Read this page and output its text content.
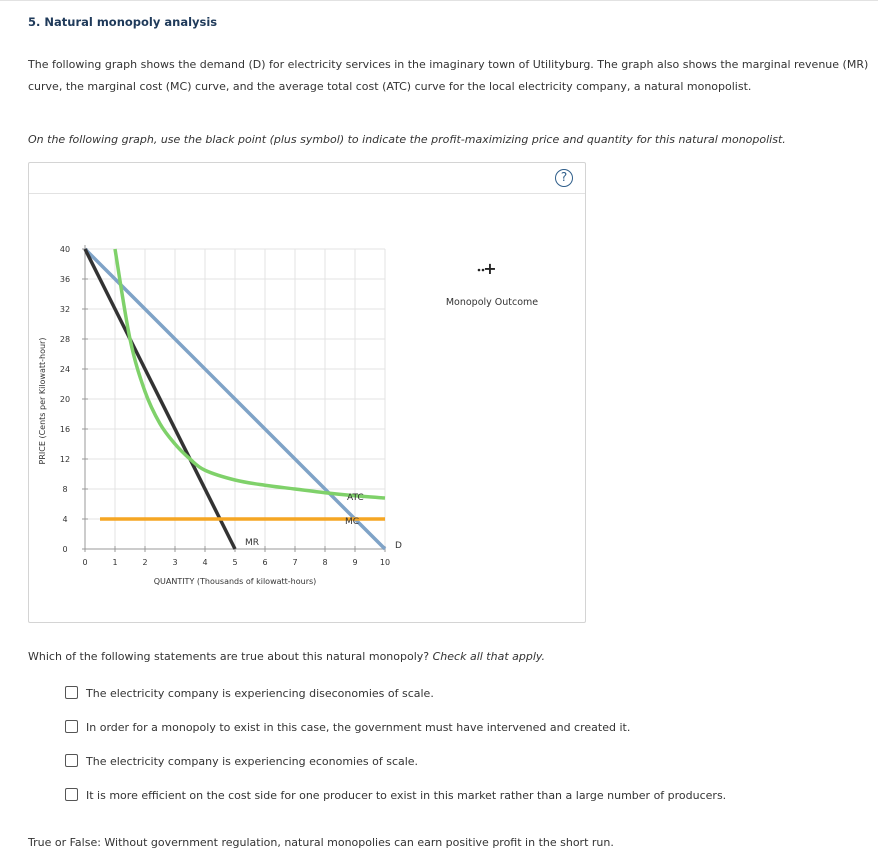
5. Natural monopoly analysis
The following graph shows the demand (D) for electricity services in the imaginary town of Utilityburg. The graph also shows the marginal revenue (MR) curve, the marginal cost (MC) curve, and the average total cost (ATC) curve for the local electricity company, a natural monopolist.
On the following graph, use the black point (plus symbol) to indicate the profit-maximizing price and quantity for this natural monopolist.
?
0
4
8
12
16
20
24
28
32
36
40
0	1	2	3	4	5	6	7	8	9	10
ATC
MC
MR	D
PRICE (Cents per Kilowatt-hour)
QUANTITY (Thousands of kilowatt-hours)
+
Monopoly Outcome
Which of the following statements are true about this natural monopoly? Check all that apply.
The electricity company is experiencing diseconomies of scale.
In order for a monopoly to exist in this case, the government must have intervened and created it.
The electricity company is experiencing economies of scale.
It is more efficient on the cost side for one producer to exist in this market rather than a large number of producers.
True or False: Without government regulation, natural monopolies can earn positive profit in the short run.
